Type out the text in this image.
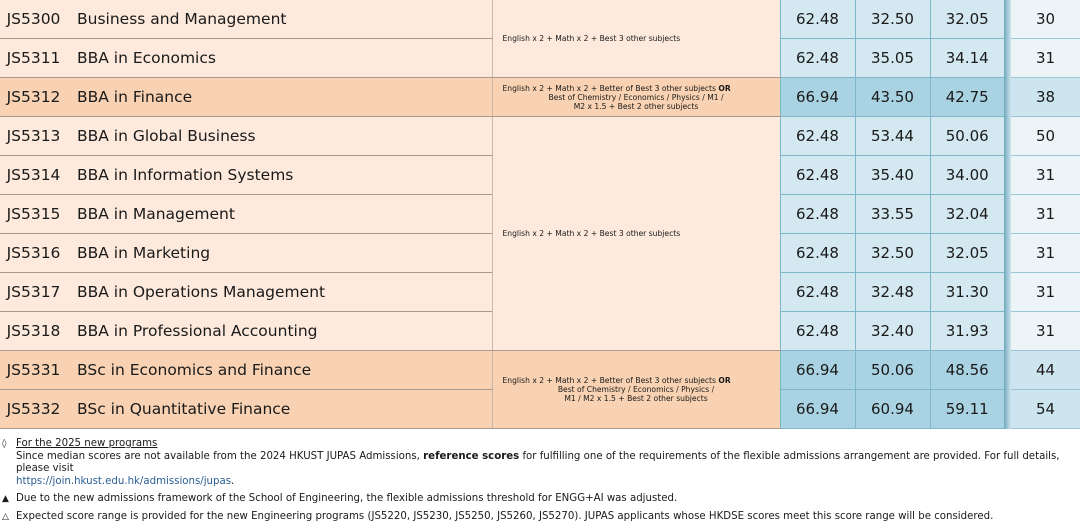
JS5300	Business and Management	English x 2 + Math x 2 + Best 3 other subjects	62.48	32.50	32.05		30
JS5311	BBA in Economics		62.48	35.05	34.14		31
JS5312	BBA in Finance	English x 2 + Math x 2 + Better of Best 3 other subjects OR
Best of Chemistry / Economics / Physics / M1 /
M2 x 1.5 + Best 2 other subjects	66.94	43.50	42.75		38
JS5313	BBA in Global Business	English x 2 + Math x 2 + Best 3 other subjects	62.48	53.44	50.06		50
JS5314	BBA in Information Systems		62.48	35.40	34.00		31
JS5315	BBA in Management		62.48	33.55	32.04		31
JS5316	BBA in Marketing		62.48	32.50	32.05		31
JS5317	BBA in Operations Management		62.48	32.48	31.30		31
JS5318	BBA in Professional Accounting		62.48	32.40	31.93		31
JS5331	BSc in Economics and Finance	English x 2 + Math x 2 + Better of Best 3 other subjects OR
Best of Chemistry / Economics / Physics /
M1 / M2 x 1.5 + Best 2 other subjects	66.94	50.06	48.56		44
JS5332	BSc in Quantitative Finance		66.94	60.94	59.11		54
◊ For the 2025 new programs
Since median scores are not available from the 2024 HKUST JUPAS Admissions, reference scores for fulfilling one of the requirements of the flexible admissions arrangement are provided. For full details, please visit
https://join.hkust.edu.hk/admissions/jupas.
▲ Due to the new admissions framework of the School of Engineering, the flexible admissions threshold for ENGG+AI was adjusted.
△ Expected score range is provided for the new Engineering programs (JS5220, JS5230, JS5250, JS5260, JS5270). JUPAS applicants whose HKDSE scores meet this score range will be considered.
